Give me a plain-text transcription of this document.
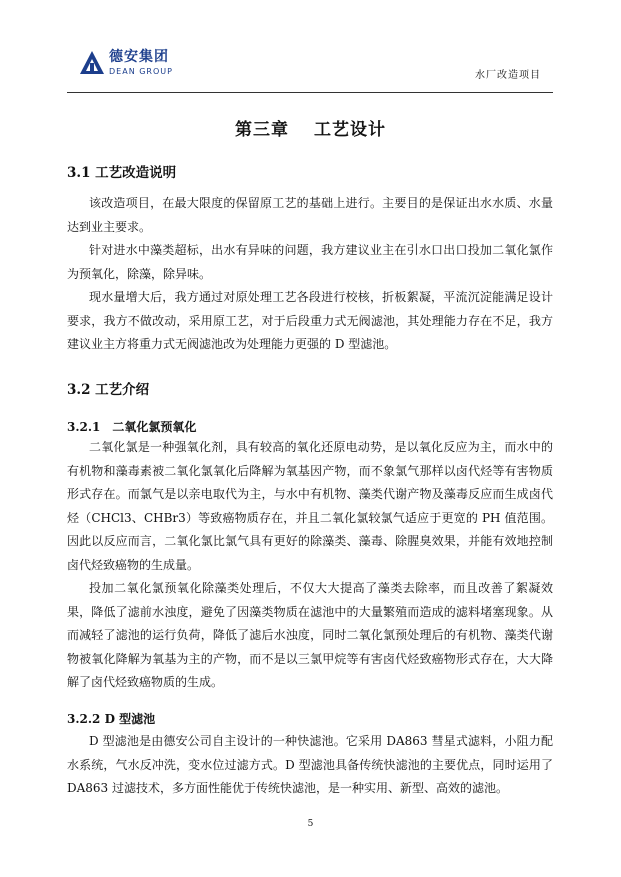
德安集团
DEAN GROUP	水厂改造项目
第三章　 工艺设计
3.1 工艺改造说明

该改造项目，在最大限度的保留原工艺的基础上进行。主要目的是保证出水水质、水量达到业主要求。

针对进水中藻类超标，出水有异味的问题，我方建议业主在引水口出口投加二氧化氯作为预氧化，除藻，除异味。

现水量增大后，我方通过对原处理工艺各段进行校核，折板絮凝，平流沉淀能满足设计要求，我方不做改动，采用原工艺，对于后段重力式无阀滤池，其处理能力存在不足，我方建议业主方将重力式无阀滤池改为处理能力更强的 D 型滤池。

3.2 工艺介绍
3.2.1　二氧化氯预氧化

二氧化氯是一种强氧化剂，具有较高的氧化还原电动势，是以氧化反应为主，而水中的有机物和藻毒素被二氧化氯氧化后降解为氧基因产物，而不象氯气那样以卤代烃等有害物质形式存在。而氯气是以亲电取代为主，与水中有机物、藻类代谢产物及藻毒反应而生成卤代烃（CHCl3、CHBr3）等致癌物质存在，并且二氧化氯较氯气适应于更宽的 PH 值范围。因此以反应而言，二氧化氯比氯气具有更好的除藻类、藻毒、除腥臭效果，并能有效地控制卤代烃致癌物的生成量。

投加二氧化氯预氧化除藻类处理后，不仅大大提高了藻类去除率，而且改善了絮凝效果，降低了滤前水浊度，避免了因藻类物质在滤池中的大量繁殖而造成的滤料堵塞现象。从而减轻了滤池的运行负荷，降低了滤后水浊度，同时二氧化氯预处理后的有机物、藻类代谢物被氧化降解为氧基为主的产物，而不是以三氯甲烷等有害卤代烃致癌物形式存在，大大降解了卤代烃致癌物质的生成。

3.2.2 D 型滤池

D 型滤池是由德安公司自主设计的一种快滤池。它采用 DA863 彗星式滤料，小阻力配水系统，气水反冲洗，变水位过滤方式。D 型滤池具备传统快滤池的主要优点，同时运用了 DA863 过滤技术，多方面性能优于传统快滤池，是一种实用、新型、高效的滤池。

5
